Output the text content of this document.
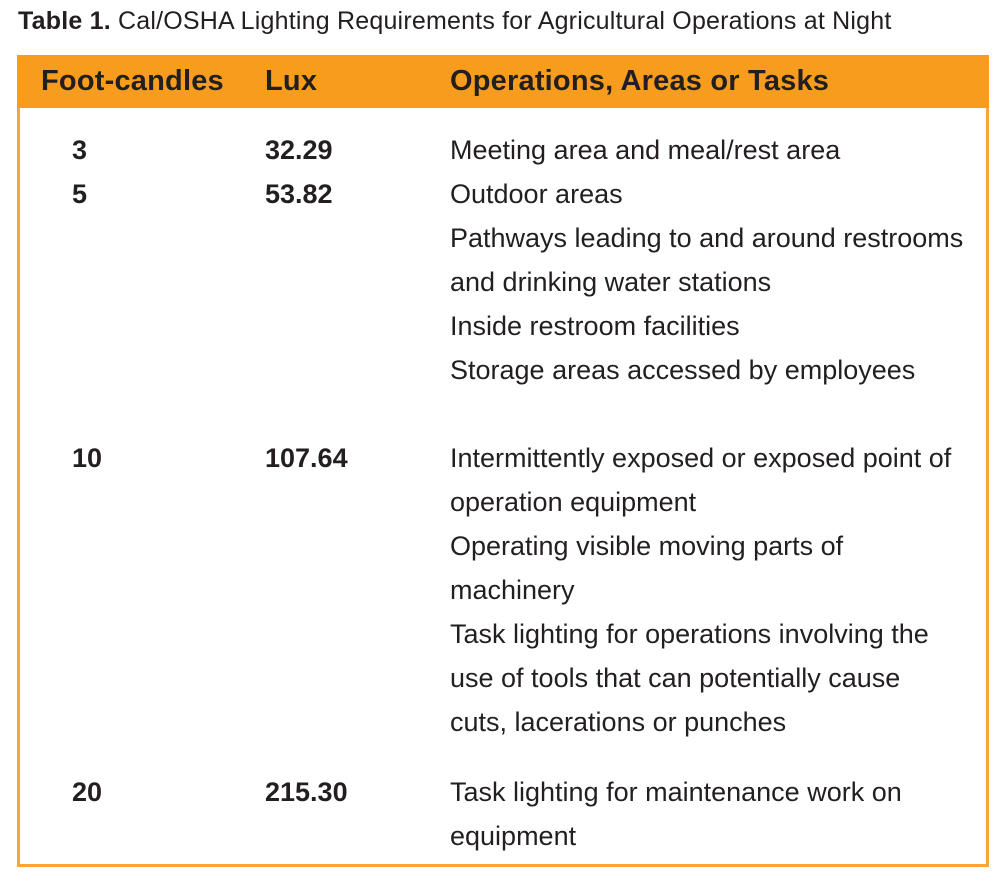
Table 1. Cal/OSHA Lighting Requirements for Agricultural Operations at Night
Foot-candles	Lux	Operations, Areas or Tasks
3	32.29	Meeting area and meal/rest area

5	53.82	Outdoor areas

Pathways leading to and around restrooms and drinking water stations

Inside restroom facilities

Storage areas accessed by employees

10	107.64	Intermittently exposed or exposed point of operation equipment

Operating visible moving parts of machinery

Task lighting for operations involving the use of tools that can potentially cause cuts, lacerations or punches

20	215.30	Task lighting for maintenance work on equipment
